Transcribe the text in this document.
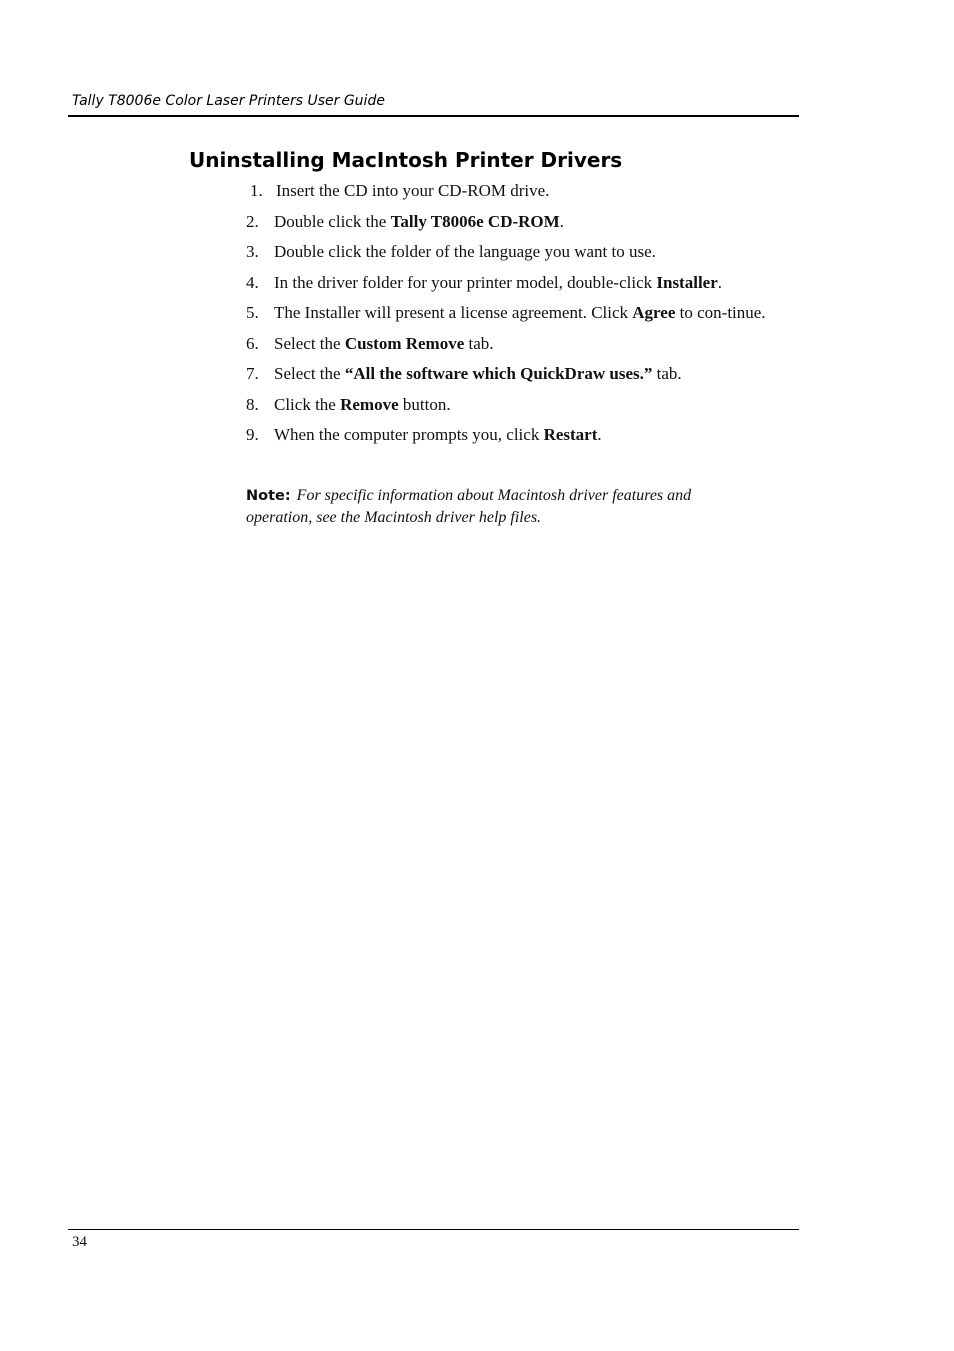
Tally T8006e Color Laser Printers User Guide
Uninstalling MacIntosh Printer Drivers
1. Insert the CD into your CD-ROM drive.
2. Double click the Tally T8006e CD-ROM.
3. Double click the folder of the language you want to use.
4. In the driver folder for your printer model, double-click Installer.
5. The Installer will present a license agreement. Click Agree to con-tinue.
6. Select the Custom Remove tab.
7. Select the “All the software which QuickDraw uses.” tab.
8. Click the Remove button.
9. When the computer prompts you, click Restart.
Note: For specific information about Macintosh driver features and operation, see the Macintosh driver help files.
34
